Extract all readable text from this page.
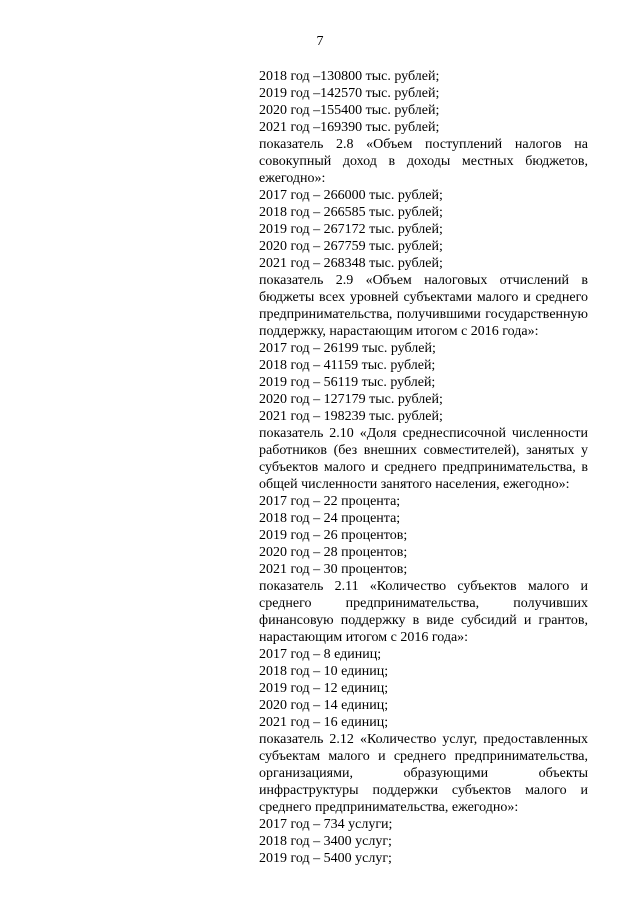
7

2018 год –130800 тыс. рублей;

2019 год –142570 тыс. рублей;

2020 год –155400 тыс. рублей;

2021 год –169390 тыс. рублей;

показатель 2.8 «Объем поступлений налогов на совокупный доход в доходы местных бюджетов, ежегодно»:

2017 год – 266000 тыс. рублей;

2018 год – 266585 тыс. рублей;

2019 год – 267172 тыс. рублей;

2020 год – 267759 тыс. рублей;

2021 год – 268348 тыс. рублей;

показатель 2.9 «Объем налоговых отчислений в бюджеты всех уровней субъектами малого и среднего предпринимательства, получившими государственную поддержку, нарастающим итогом с 2016 года»:

2017 год – 26199 тыс. рублей;

2018 год – 41159 тыс. рублей;

2019 год – 56119 тыс. рублей;

2020 год – 127179 тыс. рублей;

2021 год – 198239 тыс. рублей;

показатель 2.10 «Доля среднесписочной численности работников (без внешних совместителей), занятых у субъектов малого и среднего предпринимательства, в общей численности занятого населения, ежегодно»:

2017 год – 22 процента;

2018 год – 24 процента;

2019 год – 26 процентов;

2020 год – 28 процентов;

2021 год – 30 процентов;

показатель 2.11 «Количество субъектов малого и среднего предпринимательства, получивших финансовую поддержку в виде субсидий и грантов, нарастающим итогом с 2016 года»:

2017 год – 8 единиц;

2018 год – 10 единиц;

2019 год – 12 единиц;

2020 год – 14 единиц;

2021 год – 16 единиц;

показатель 2.12 «Количество услуг, предоставленных субъектам малого и среднего предпринимательства, организациями, образующими объекты инфраструктуры поддержки субъектов малого и среднего предпринимательства, ежегодно»:

2017 год – 734 услуги;

2018 год – 3400 услуг;

2019 год – 5400 услуг;
